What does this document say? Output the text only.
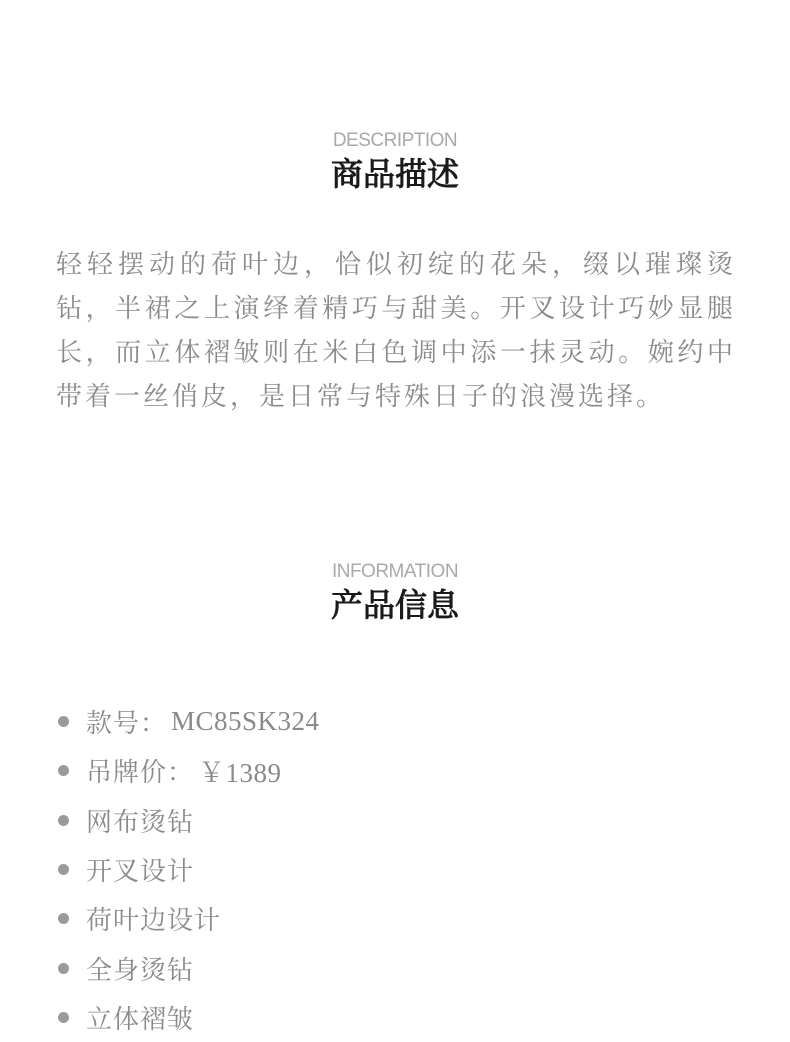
DESCRIPTION
商品描述

轻轻摆动的荷叶边，恰似初绽的花朵，缀以璀璨烫钻，半裙之上演绎着精巧与甜美。开叉设计巧妙显腿长，而立体褶皱则在米白色调中添一抹灵动。婉约中带着一丝俏皮，是日常与特殊日子的浪漫选择。

INFORMATION
产品信息
款号： MC85SK324
吊牌价： ￥1389
网布烫钻
开叉设计
荷叶边设计
全身烫钻
立体褶皱
